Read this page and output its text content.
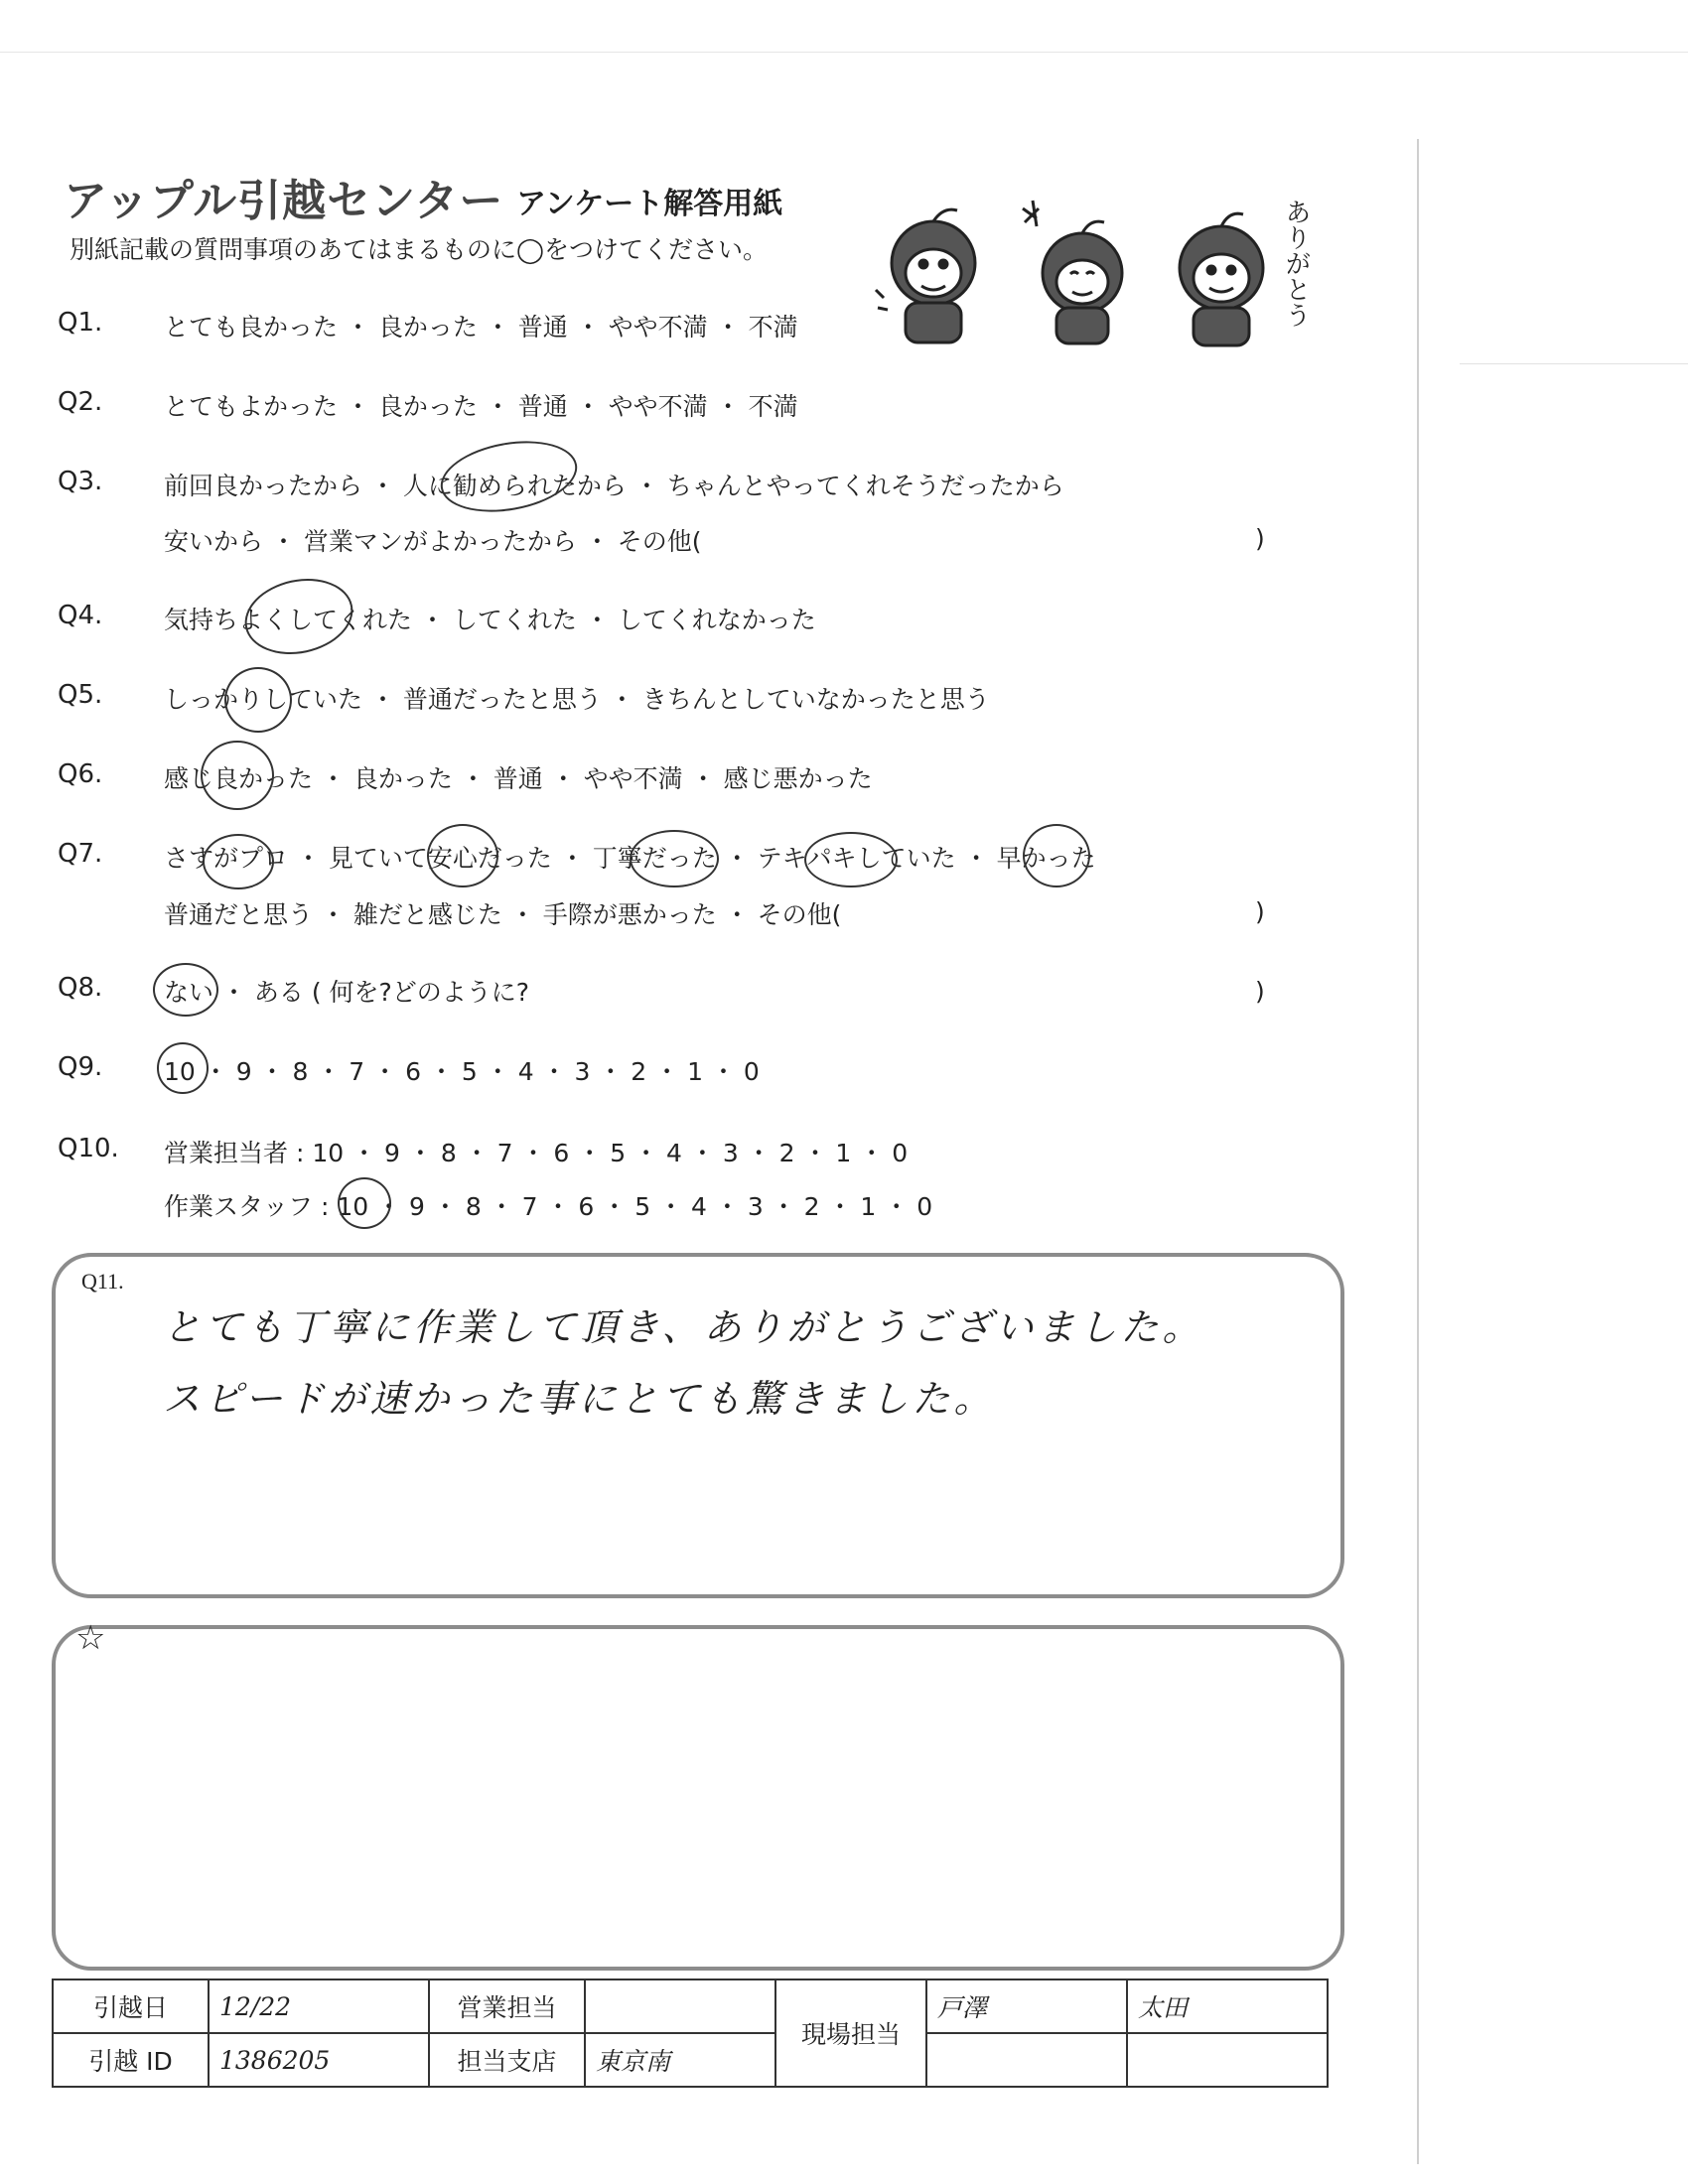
アップル引越センター アンケート解答用紙
別紙記載の質問事項のあてはまるものに◯をつけてください。	ありがとう
Q1. とても良かった ・ 良かった ・ 普通 ・ やや不満 ・ 不満
Q2. とてもよかった ・ 良かった ・ 普通 ・ やや不満 ・ 不満
Q3. 前回良かったから ・ 人に勧められたから ・ ちゃんとやってくれそうだったから
安いから ・ 営業マンがよかったから ・ その他(	)
Q4. 気持ちよくしてくれた ・ してくれた ・ してくれなかった
Q5. しっかりしていた ・ 普通だったと思う ・ きちんとしていなかったと思う
Q6. 感じ良かった ・ 良かった ・ 普通 ・ やや不満 ・ 感じ悪かった
Q7. さすがプロ ・ 見ていて安心だった ・ 丁寧だった ・ テキパキしていた ・ 早かった
普通だと思う ・ 雑だと感じた ・ 手際が悪かった ・ その他(	)
Q8. ない ・ ある ( 何を?どのように?	)
Q9. 10 ・ 9 ・ 8 ・ 7 ・ 6 ・ 5 ・ 4 ・ 3 ・ 2 ・ 1 ・ 0
Q10. 営業担当者 : 10 ・ 9 ・ 8 ・ 7 ・ 6 ・ 5 ・ 4 ・ 3 ・ 2 ・ 1 ・ 0
作業スタッフ : 10 ・ 9 ・ 8 ・ 7 ・ 6 ・ 5 ・ 4 ・ 3 ・ 2 ・ 1 ・ 0
Q11.
とても丁寧に作業して頂き、ありがとうございました。
スピードが速かった事にとても驚きました。
☆
引越日	12/22	営業担当		現場担当	戸澤	太田
引越 ID	1386205	担当支店	東京南			
